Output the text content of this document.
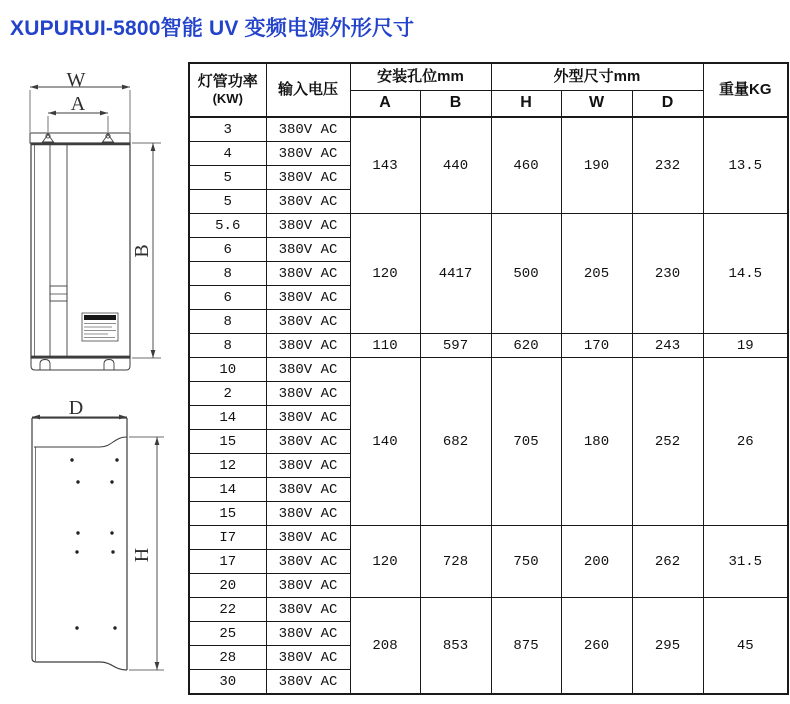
XUPURUI-5800智能 UV 变频电源外形尺寸
W
A
B
D
H
灯管功率
(KW)	输入电压	安装孔位mm		外型尺寸mm			重量KG
		A	B	H	W	D	
3	380V AC	143	440	460	190	232	13.5
4	380V AC						
5	380V AC						
5	380V AC						
5.6	380V AC	120	4417	500	205	230	14.5
6	380V AC						
8	380V AC						
6	380V AC						
8	380V AC						
8	380V AC	110	597	620	170	243	19
10	380V AC	140	682	705	180	252	26
2	380V AC						
14	380V AC						
15	380V AC						
12	380V AC						
14	380V AC						
15	380V AC						
I7	380V AC	120	728	750	200	262	31.5
17	380V AC						
20	380V AC						
22	380V AC	208	853	875	260	295	45
25	380V AC						
28	380V AC						
30	380V AC						
